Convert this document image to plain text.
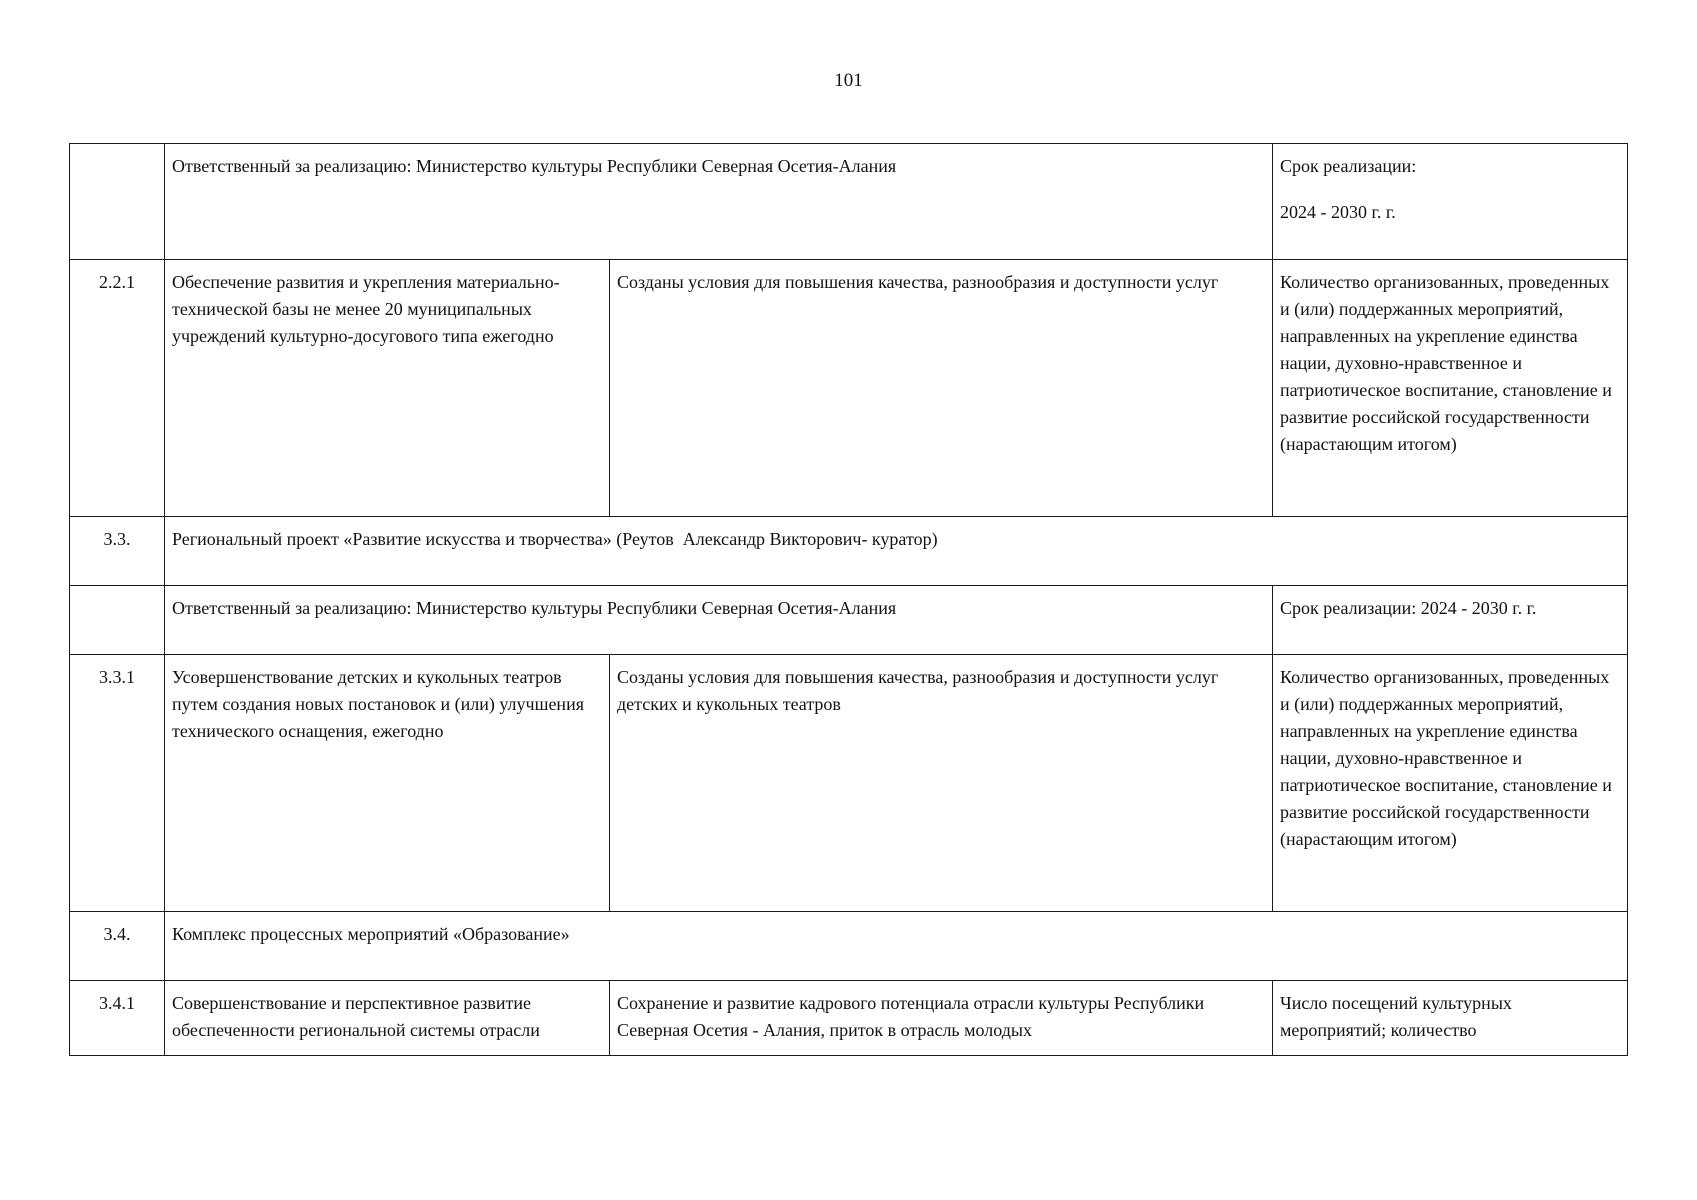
101
	Ответственный за реализацию: Министерство культуры Республики Северная Осетия-Алания		Срок реализации:
2024 - 2030 г. г.

2.2.1	Обеспечение развития и укрепления материально-технической базы не менее 20 муниципальных учреждений культурно-досугового типа ежегодно	Созданы условия для повышения качества, разнообразия и доступности услуг	Количество организованных, проведенных и (или) поддержанных мероприятий, направленных на укрепление единства нации, духовно-нравственное и патриотическое воспитание, становление и развитие российской государственности (нарастающим итогом)
3.3.	Региональный проект «Развитие искусства и творчества» (Реутов  Александр Викторович- куратор)		
	Ответственный за реализацию: Министерство культуры Республики Северная Осетия-Алания		Срок реализации: 2024 - 2030 г. г.
3.3.1	Усовершенствование детских и кукольных театров путем создания новых постановок и (или) улучшения технического оснащения, ежегодно	Созданы условия для повышения качества, разнообразия и доступности услуг детских и кукольных театров	Количество организованных, проведенных и (или) поддержанных мероприятий, направленных на укрепление единства нации, духовно-нравственное и патриотическое воспитание, становление и развитие российской государственности (нарастающим итогом)
3.4.	Комплекс процессных мероприятий «Образование»		
3.4.1	Совершенствование и перспективное развитие обеспеченности региональной системы отрасли	Сохранение и развитие кадрового потенциала отрасли культуры Республики Северная Осетия - Алания, приток в отрасль молодых	Число посещений культурных мероприятий; количество
